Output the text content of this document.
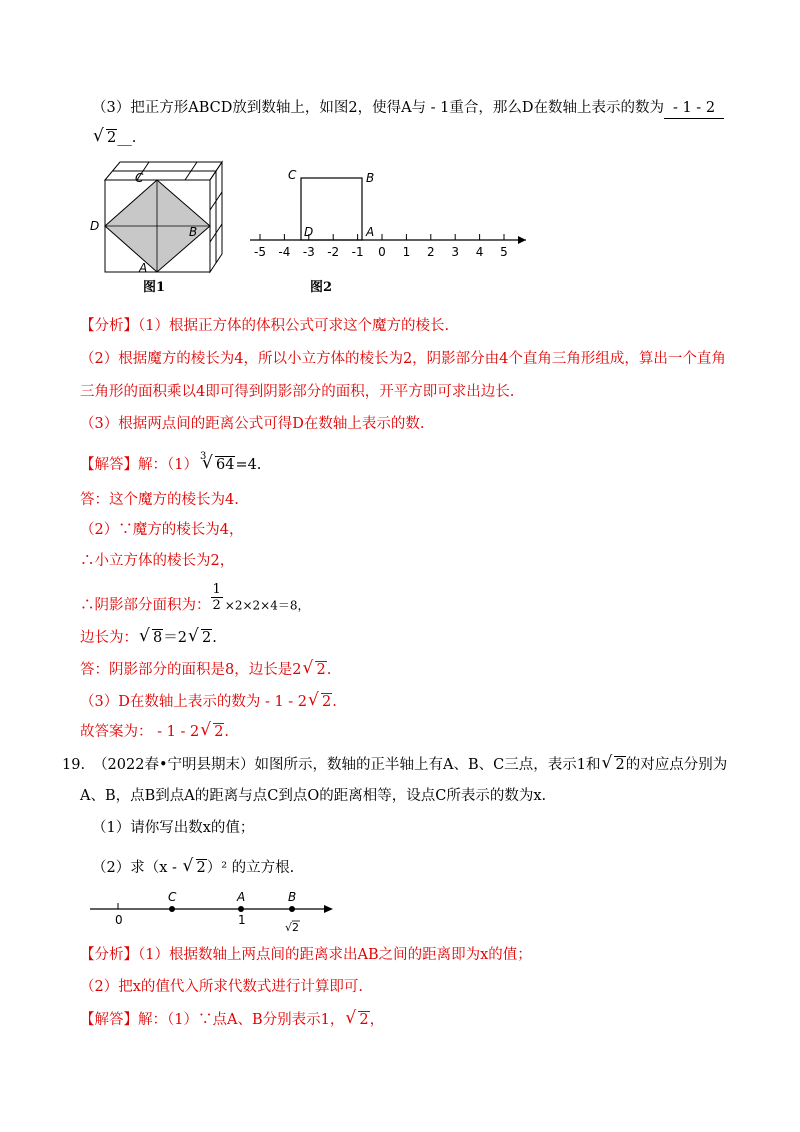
（3）把正方形ABCD放到数轴上，如图2，使得A与 - 1重合，那么D在数轴上表示的数为 - 1 - 2
√ 2__.
C
D	B
A
图1
-5 -4 -3 -2 -1 0 1 2 3 4 5
C	B
D	A
图2
【分析】（1）根据正方体的体积公式可求这个魔方的棱长.
（2）根据魔方的棱长为4，所以小立方体的棱长为2，阴影部分由4个直角三角形组成，算出一个直角
三角形的面积乘以4即可得到阴影部分的面积，开平方即可求出边长.
（3）根据两点间的距离公式可得D在数轴上表示的数.
【解答】解：（1）
√ 3
64=4.
答：这个魔方的棱长为4.
（2）∵魔方的棱长为4，
∴小立方体的棱长为2，
∴阴影部分面积为： $\frac{1}{2} \times 2\times 2\times 4=8$，
边长为： √ 8＝2 √ 2.
答：阴影部分的面积是8，边长是2 √ 2.
（3）D在数轴上表示的数为 - 1 - 2 √ 2.
故答案为： - 1 - 2 √ 2.
19. （2022春•宁明县期末）如图所示，数轴的正半轴上有A、B、C三点，表示1和 √ 2的对应点分别为
A、B，点B到点A的距离与点C到点O的距离相等，设点C所表示的数为x.
（1）请你写出数x的值；
（2）求（x - √ 2）² 的立方根.
0
C	A
1
B
√ 2
【分析】（1）根据数轴上两点间的距离求出AB之间的距离即为x的值；
（2）把x的值代入所求代数式进行计算即可.
【解答】解：（1）∵点A、B分别表示1， √ 2，
